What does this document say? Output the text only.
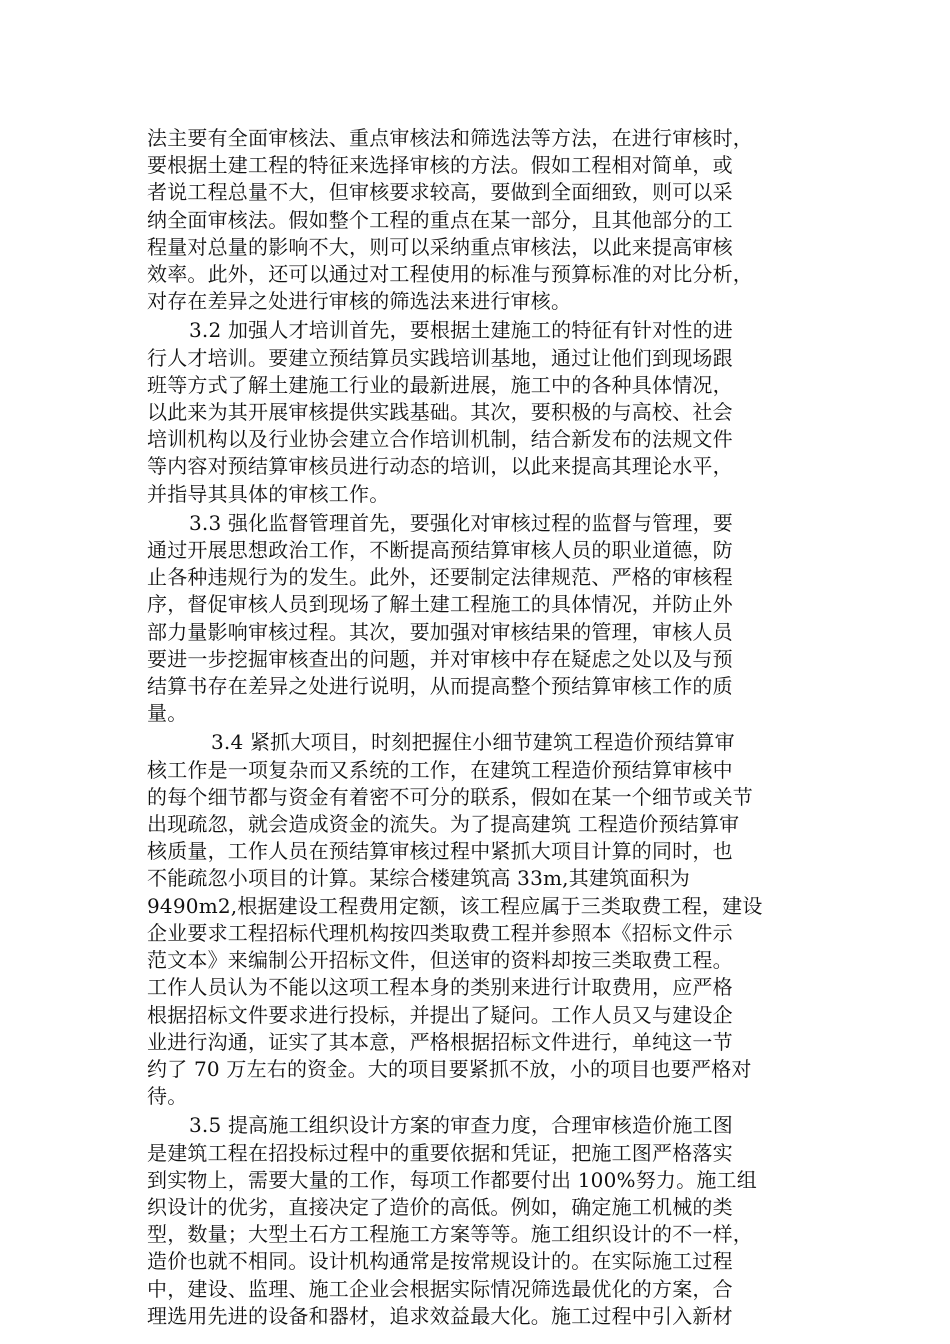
法主要有全面审核法、重点审核法和筛选法等方法，在进行审核时，
要根据土建工程的特征来选择审核的方法。假如工程相对简单，或
者说工程总量不大，但审核要求较高，要做到全面细致，则可以采
纳全面审核法。假如整个工程的重点在某一部分，且其他部分的工
程量对总量的影响不大，则可以采纳重点审核法，以此来提高审核
效率。此外，还可以通过对工程使用的标准与预算标准的对比分析，
对存在差异之处进行审核的筛选法来进行审核。
3.2 加强人才培训首先，要根据土建施工的特征有针对性的进
行人才培训。要建立预结算员实践培训基地，通过让他们到现场跟
班等方式了解土建施工行业的最新进展，施工中的各种具体情况，
以此来为其开展审核提供实践基础。其次，要积极的与高校、社会
培训机构以及行业协会建立合作培训机制，结合新发布的法规文件
等内容对预结算审核员进行动态的培训，以此来提高其理论水平，
并指导其具体的审核工作。
3.3 强化监督管理首先，要强化对审核过程的监督与管理，要
通过开展思想政治工作，不断提高预结算审核人员的职业道德，防
止各种违规行为的发生。此外，还要制定法律规范、严格的审核程
序，督促审核人员到现场了解土建工程施工的具体情况，并防止外
部力量影响审核过程。其次，要加强对审核结果的管理，审核人员
要进一步挖掘审核查出的问题，并对审核中存在疑虑之处以及与预
结算书存在差异之处进行说明，从而提高整个预结算审核工作的质
量。
3.4 紧抓大项目，时刻把握住小细节建筑工程造价预结算审
核工作是一项复杂而又系统的工作，在建筑工程造价预结算审核中
的每个细节都与资金有着密不可分的联系，假如在某一个细节或关节
出现疏忽，就会造成资金的流失。为了提高建筑 工程造价预结算审
核质量，工作人员在预结算审核过程中紧抓大项目计算的同时，也
不能疏忽小项目的计算。某综合楼建筑高 33m,其建筑面积为
9490m2,根据建设工程费用定额，该工程应属于三类取费工程，建设
企业要求工程招标代理机构按四类取费工程并参照本《招标文件示
范文本》来编制公开招标文件，但送审的资料却按三类取费工程。
工作人员认为不能以这项工程本身的类别来进行计取费用，应严格
根据招标文件要求进行投标，并提出了疑问。工作人员又与建设企
业进行沟通，证实了其本意，严格根据招标文件进行，单纯这一节
约了 70 万左右的资金。大的项目要紧抓不放，小的项目也要严格对
待。
3.5 提高施工组织设计方案的审查力度，合理审核造价施工图
是建筑工程在招投标过程中的重要依据和凭证，把施工图严格落实
到实物上，需要大量的工作，每项工作都要付出 100%努力。施工组
织设计的优劣，直接决定了造价的高低。例如，确定施工机械的类
型，数量；大型土石方工程施工方案等等。施工组织设计的不一样，
造价也就不相同。设计机构通常是按常规设计的。在实际施工过程
中，建设、监理、施工企业会根据实际情况筛选最优化的方案，合
理选用先进的设备和器材，追求效益最大化。施工过程中引入新材
